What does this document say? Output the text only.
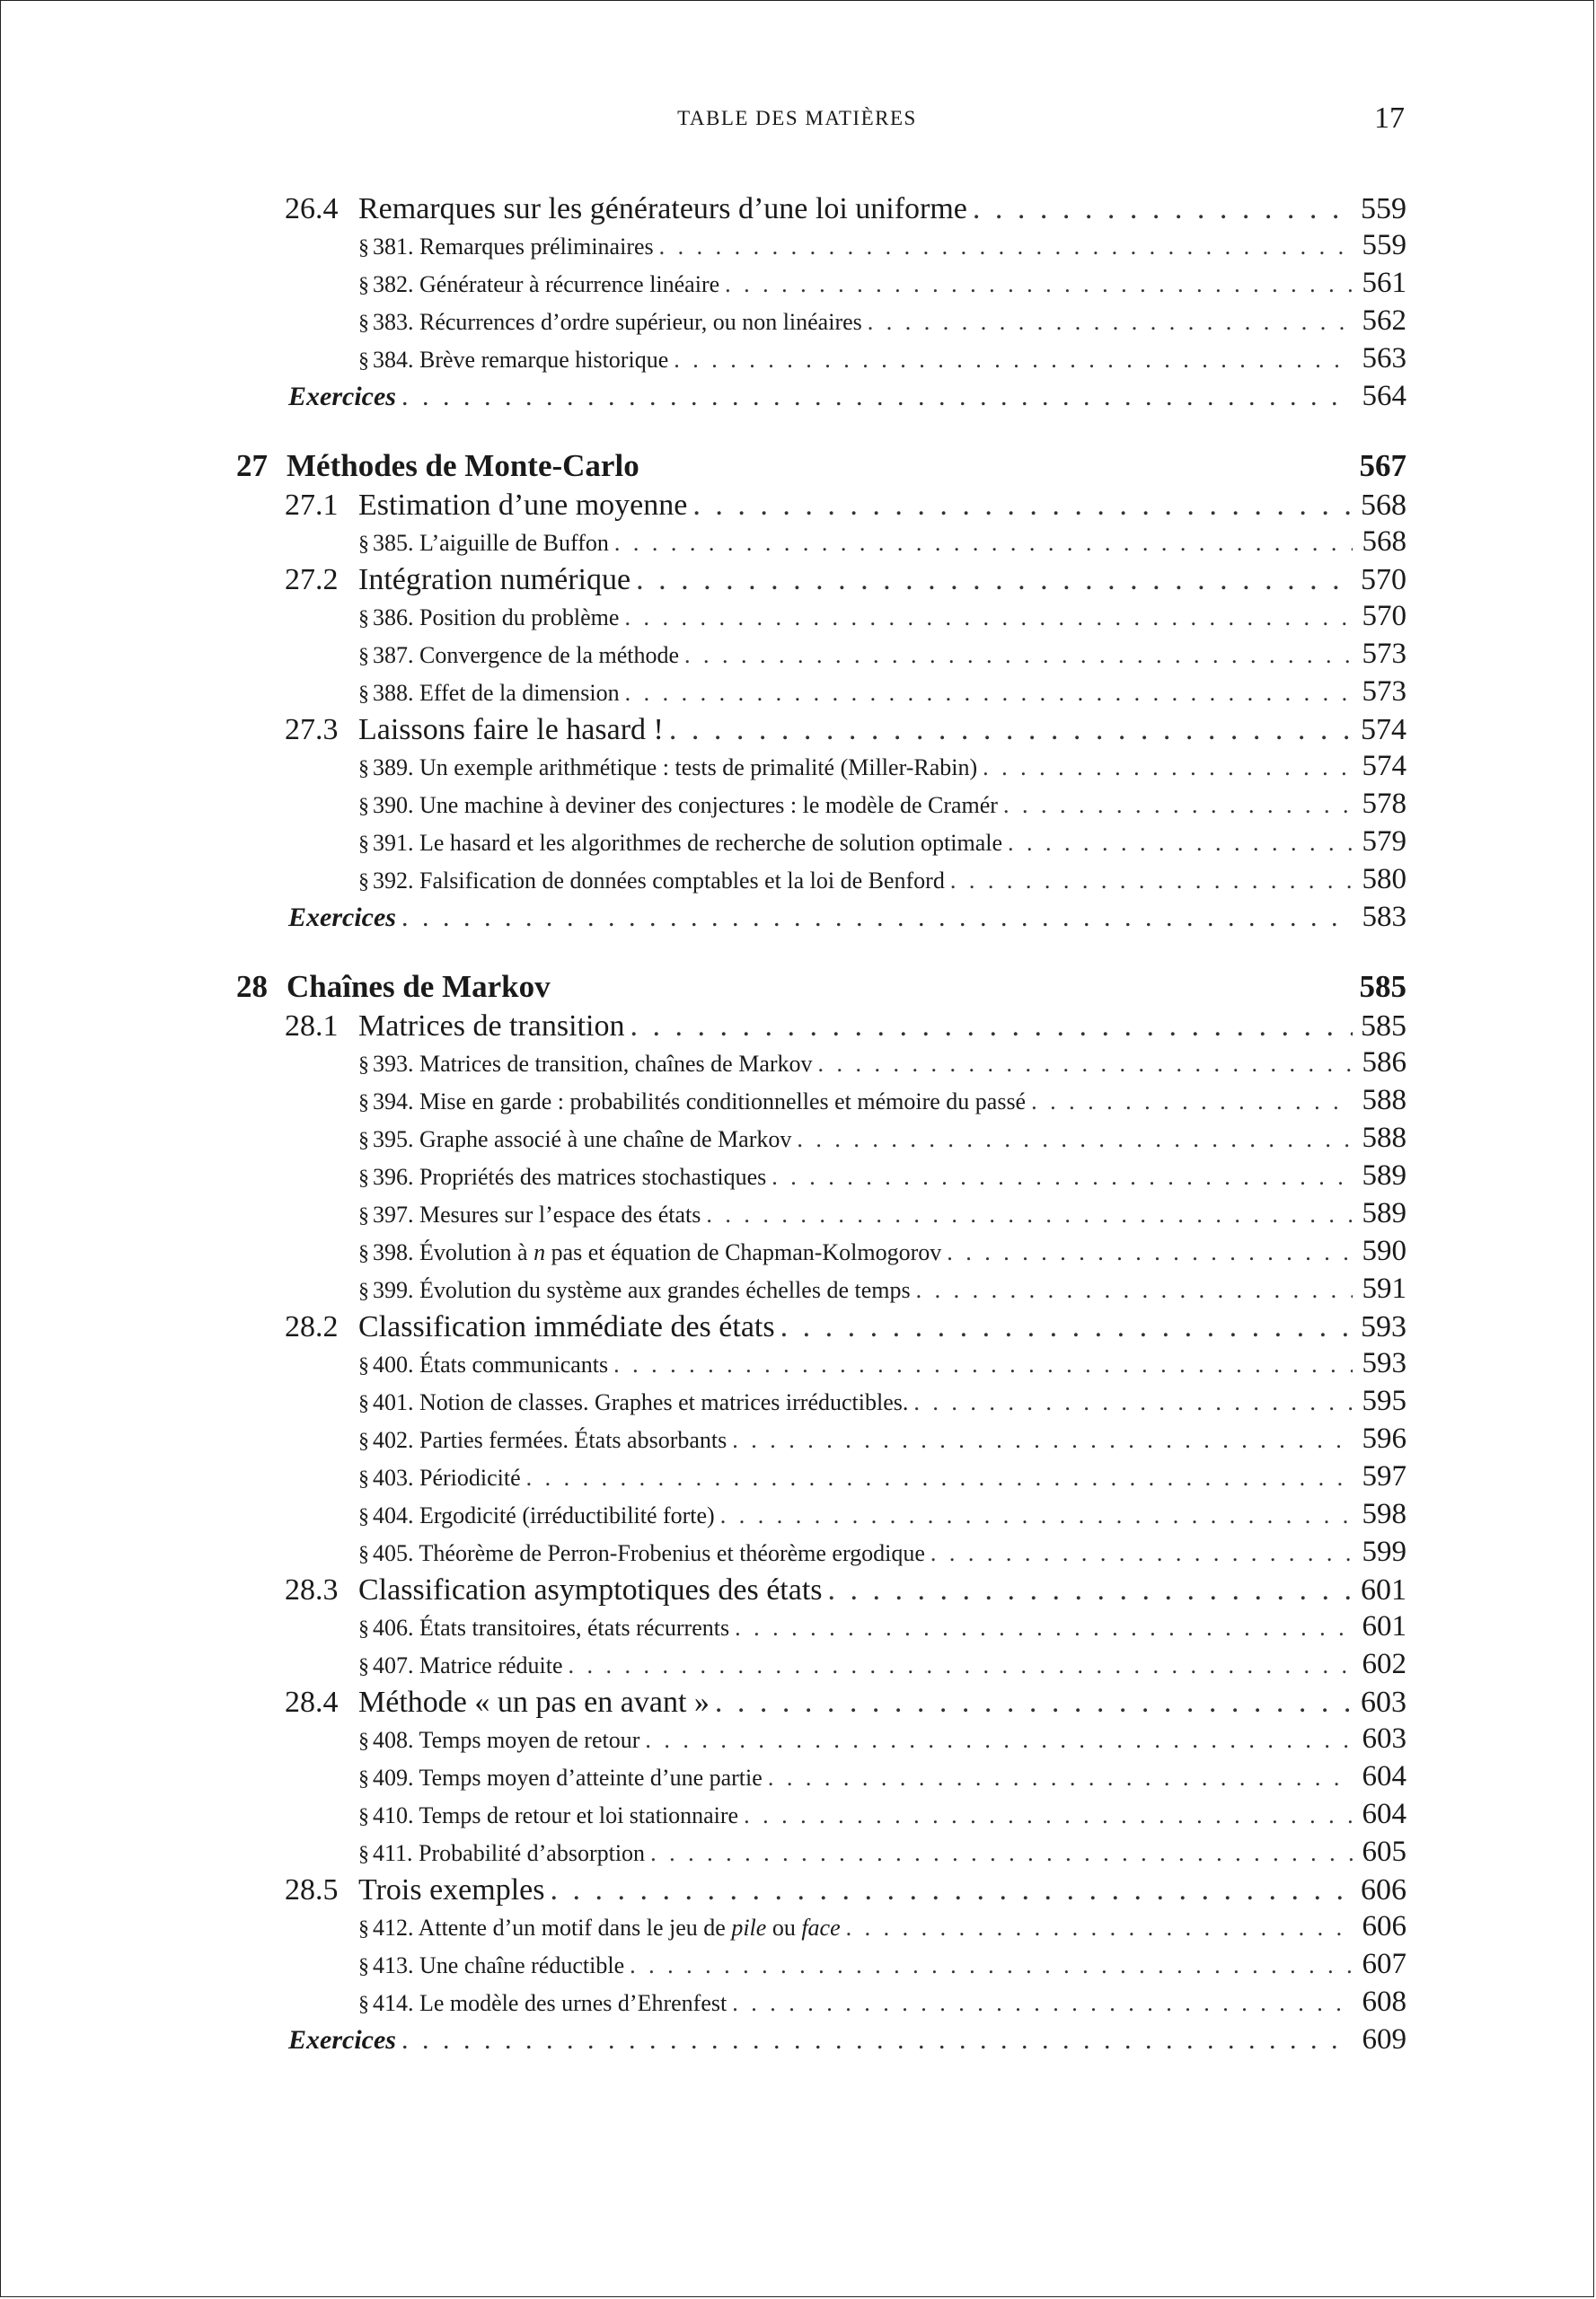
TABLE DES MATIÈRES	17
26.4 Remarques sur les générateurs d’une loi uniforme . . .	559
§ 381. Remarques préliminaires . . .	559
§ 382. Générateur à récurrence linéaire . . .	561
§ 383. Récurrences d’ordre supérieur, ou non linéaires . . .	562
§ 384. Brève remarque historique . . .	563
Exercices . . .	564
27 Méthodes de Monte-Carlo	567
27.1 Estimation d’une moyenne . . .	568
§ 385. L’aiguille de Buffon . . .	568
27.2 Intégration numérique . . .	570
§ 386. Position du problème . . .	570
§ 387. Convergence de la méthode . . .	573
§ 388. Effet de la dimension . . .	573
27.3 Laissons faire le hasard ! . . .	574
§ 389. Un exemple arithmétique : tests de primalité (Miller-Rabin) . . .	574
§ 390. Une machine à deviner des conjectures : le modèle de Cramér . . .	578
§ 391. Le hasard et les algorithmes de recherche de solution optimale . . .	579
§ 392. Falsification de données comptables et la loi de Benford . . .	580
Exercices . . .	583
28 Chaînes de Markov	585
28.1 Matrices de transition . . .	585
§ 393. Matrices de transition, chaînes de Markov . . .	586
§ 394. Mise en garde : probabilités conditionnelles et mémoire du passé . . .	588
§ 395. Graphe associé à une chaîne de Markov . . .	588
§ 396. Propriétés des matrices stochastiques . . .	589
§ 397. Mesures sur l’espace des états . . .	589
§ 398. Évolution à n pas et équation de Chapman-Kolmogorov . . .	590
§ 399. Évolution du système aux grandes échelles de temps . . .	591
28.2 Classification immédiate des états . . .	593
§ 400. États communicants . . .	593
§ 401. Notion de classes. Graphes et matrices irréductibles. . . .	595
§ 402. Parties fermées. États absorbants . . .	596
§ 403. Périodicité . . .	597
§ 404. Ergodicité (irréductibilité forte) . . .	598
§ 405. Théorème de Perron-Frobenius et théorème ergodique . . .	599
28.3 Classification asymptotiques des états . . .	601
§ 406. États transitoires, états récurrents . . .	601
§ 407. Matrice réduite . . .	602
28.4 Méthode « un pas en avant » . . .	603
§ 408. Temps moyen de retour . . .	603
§ 409. Temps moyen d’atteinte d’une partie . . .	604
§ 410. Temps de retour et loi stationnaire . . .	604
§ 411. Probabilité d’absorption . . .	605
28.5 Trois exemples . . .	606
§ 412. Attente d’un motif dans le jeu de pile ou face . . .	606
§ 413. Une chaîne réductible . . .	607
§ 414. Le modèle des urnes d’Ehrenfest . . .	608
Exercices . . .	609
